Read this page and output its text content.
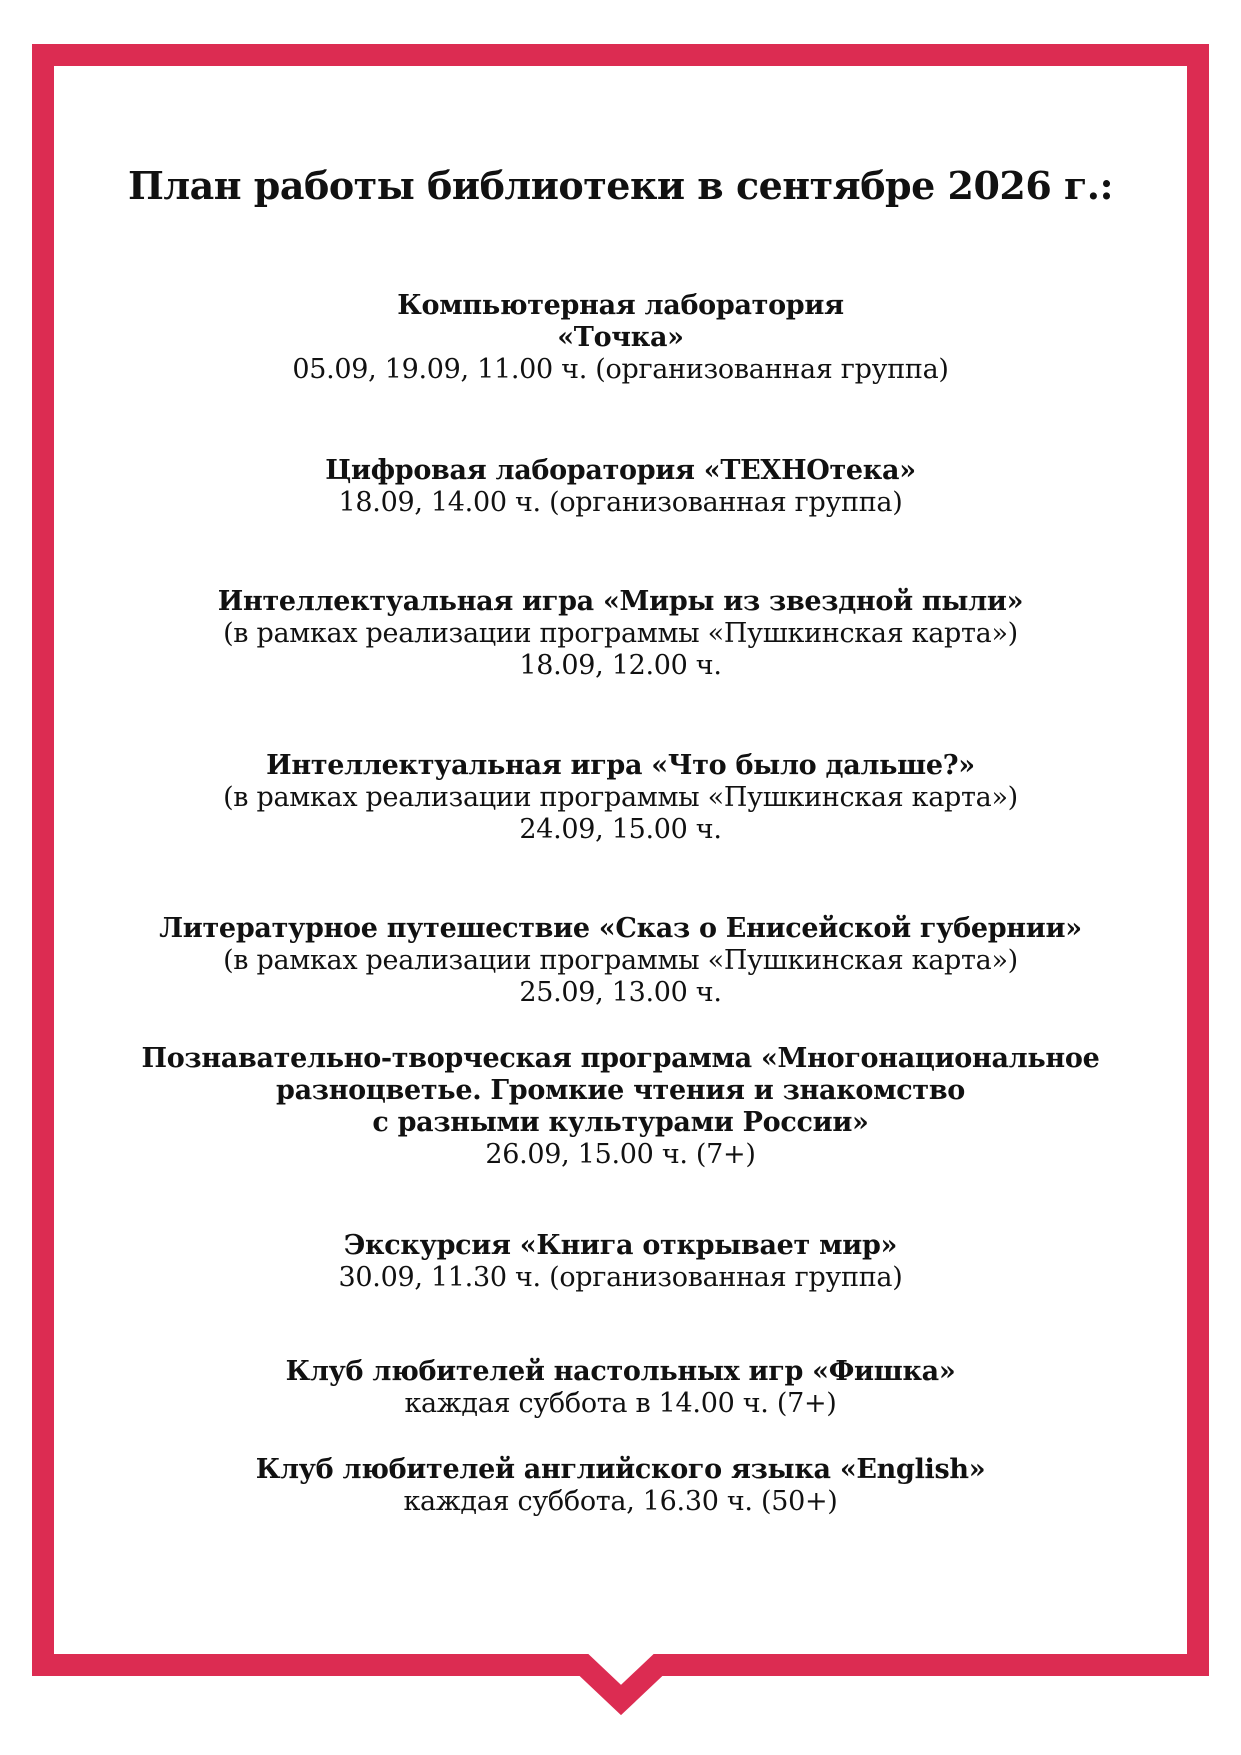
План работы библиотеки в сентябре 2026 г.:
Компьютерная лаборатория
«Точка»
05.09, 19.09, 11.00 ч. (организованная группа)
Цифровая лаборатория «ТЕХНОтека»
18.09, 14.00 ч. (организованная группа)
Интеллектуальная игра «Миры из звездной пыли»
(в рамках реализации программы «Пушкинская карта»)
18.09, 12.00 ч.
Интеллектуальная игра «Что было дальше?»
(в рамках реализации программы «Пушкинская карта»)
24.09, 15.00 ч.
Литературное путешествие «Сказ о Енисейской губернии»
(в рамках реализации программы «Пушкинская карта»)
25.09, 13.00 ч.
Познавательно-творческая программа «Многонациональное
разноцветье. Громкие чтения и знакомство
с разными культурами России»
26.09, 15.00 ч. (7+)
Экскурсия «Книга открывает мир»
30.09, 11.30 ч. (организованная группа)
Клуб любителей настольных игр «Фишка»
каждая суббота в 14.00 ч. (7+)
Клуб любителей английского языка «English»
каждая суббота, 16.30 ч. (50+)
